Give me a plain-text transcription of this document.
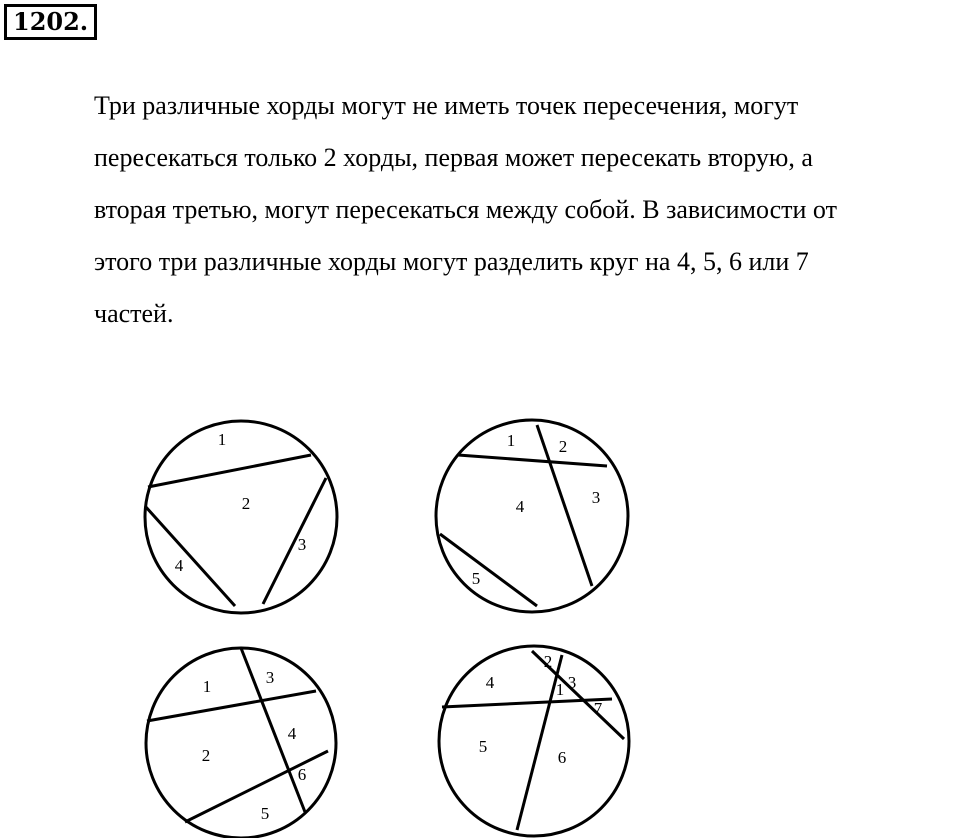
1202.

Три различные хорды могут не иметь точек пересечения, могут

пересекаться только 2 хорды, первая может пересекать вторую, а

вторая третью, могут пересекаться между собой. В зависимости от

этого три различные хорды могут разделить круг на 4, 5, 6 или 7

частей.

1
2
3
4
1	2
3
4
5
1
2
3
4
5
6
1
2
3
4
5
6
7
